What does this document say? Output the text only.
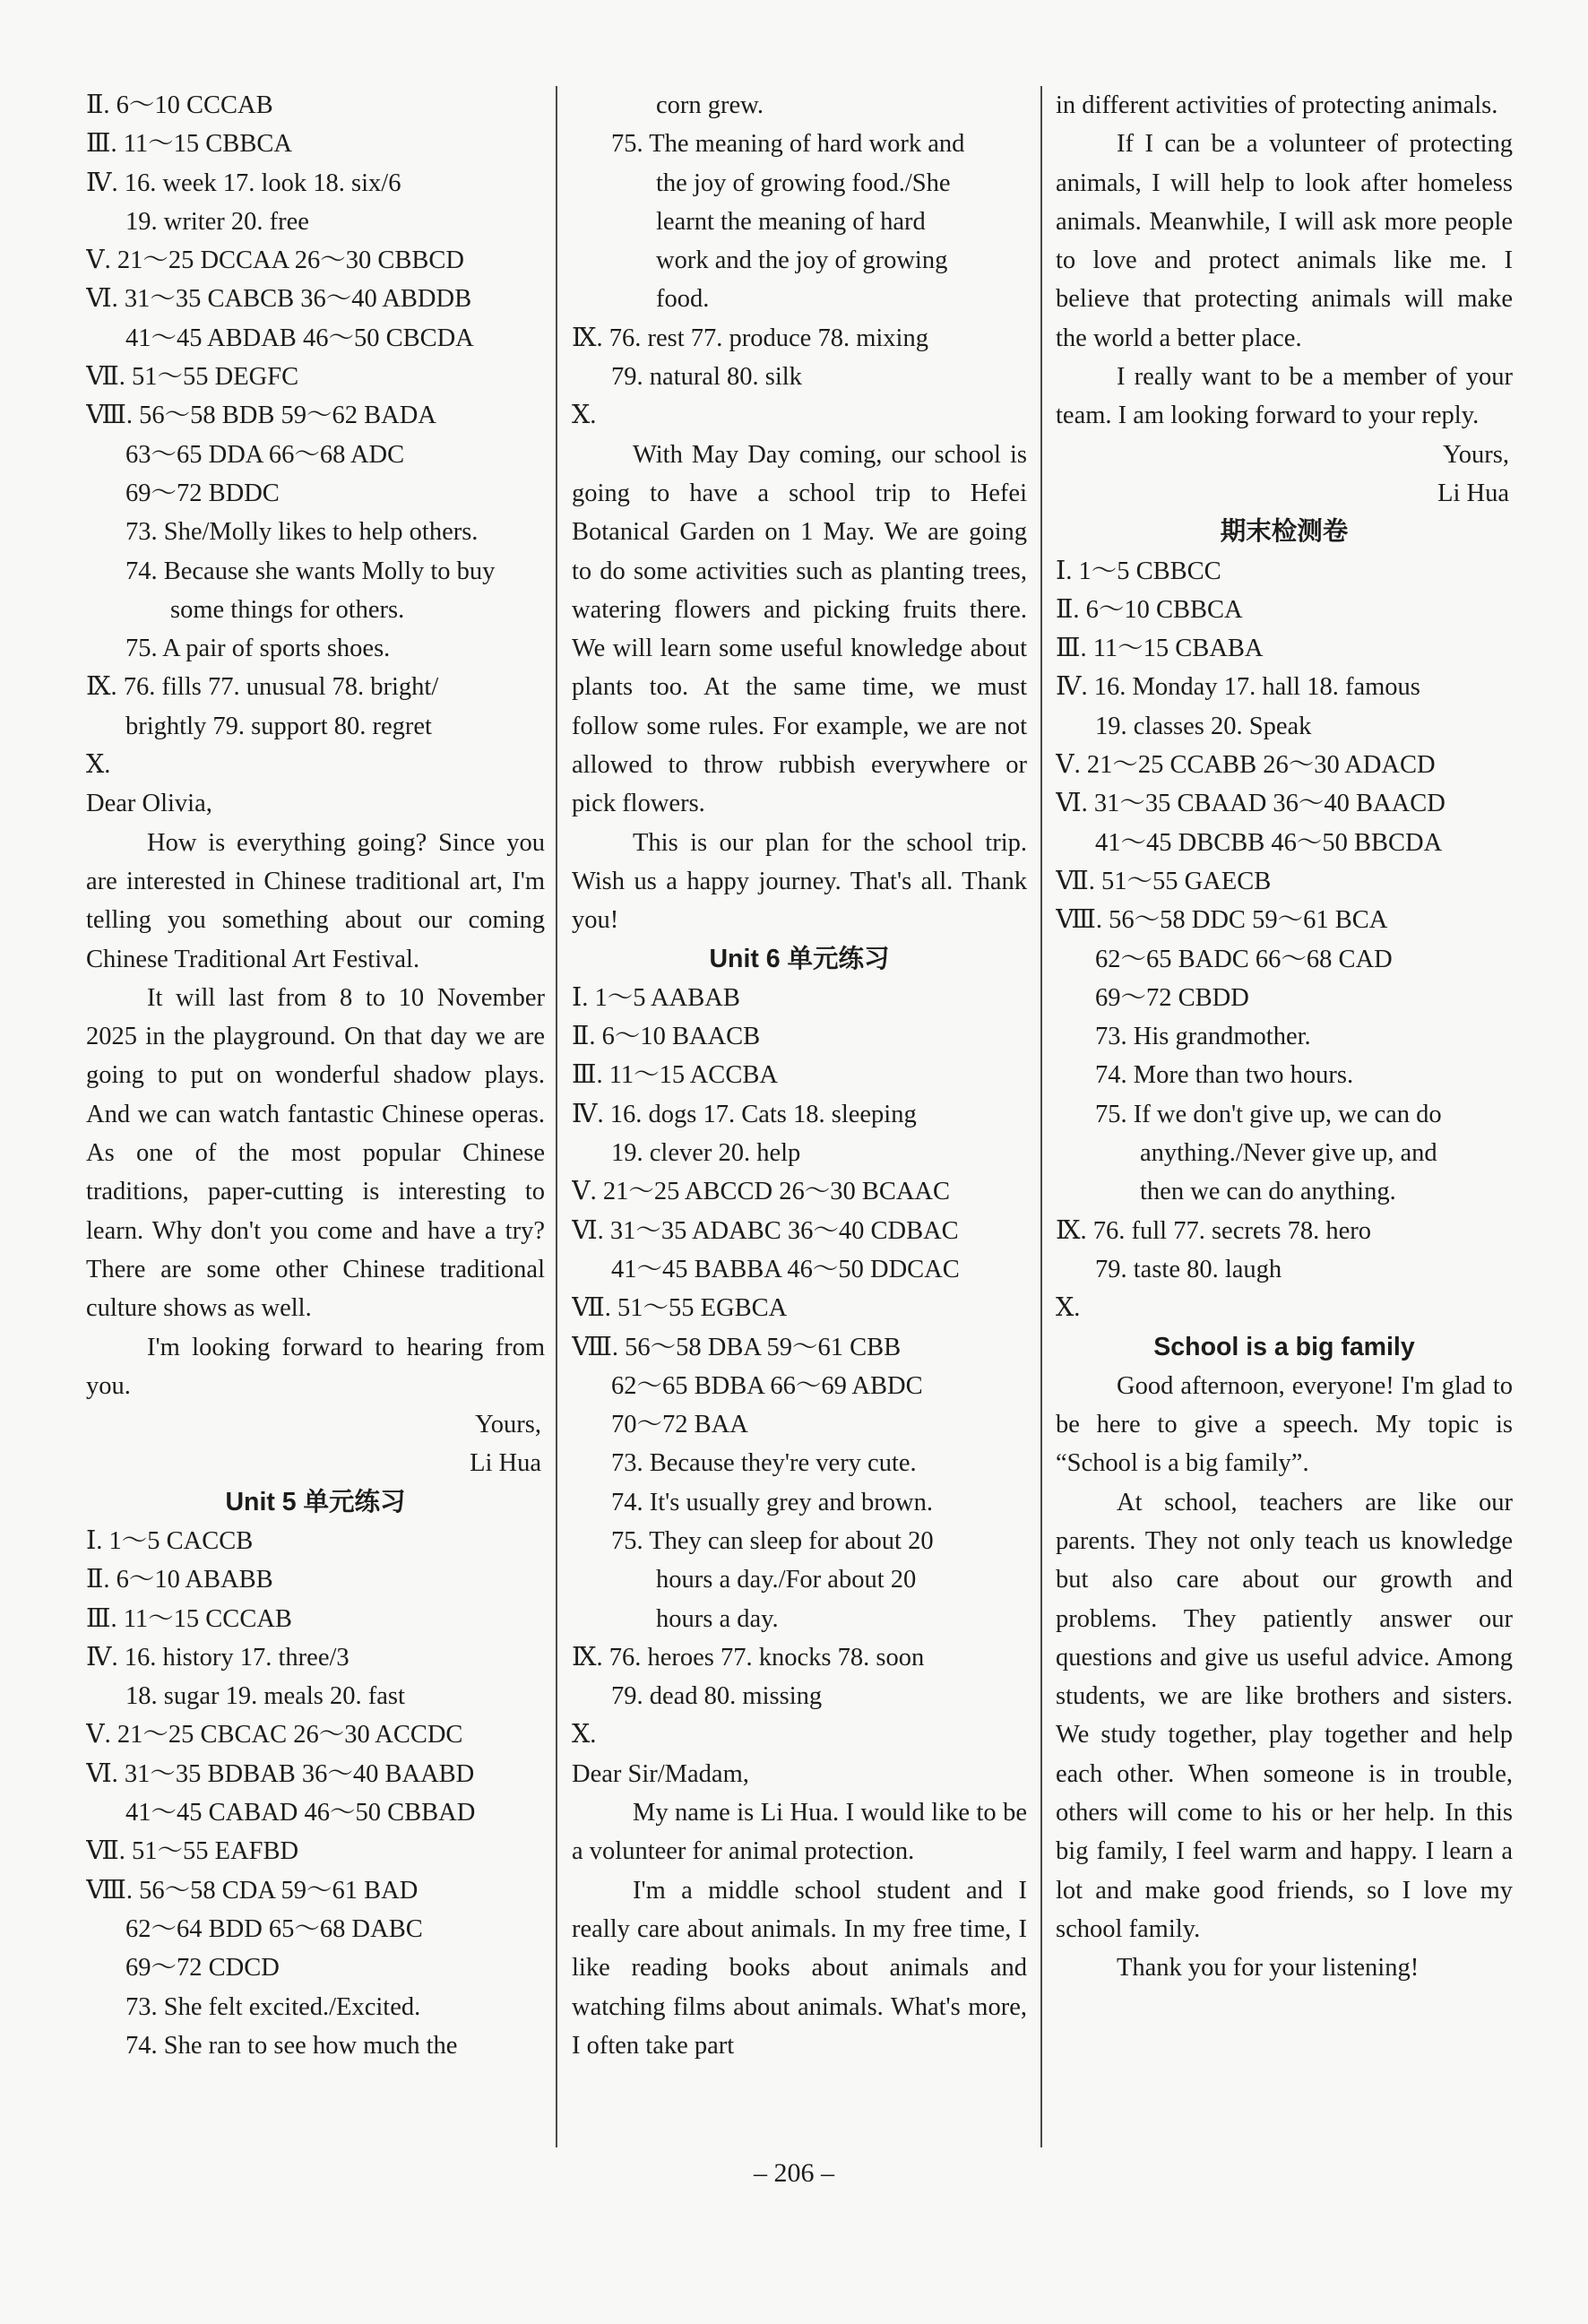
Ⅱ. 6～10 CCCAB
Ⅲ. 11～15 CBBCA
Ⅳ. 16. week 17. look 18. six/6
19. writer 20. free
Ⅴ. 21～25 DCCAA 26～30 CBBCD
Ⅵ. 31～35 CABCB 36～40 ABDDB
41～45 ABDAB 46～50 CBCDA
Ⅶ. 51～55 DEGFC
Ⅷ. 56～58 BDB 59～62 BADA
63～65 DDA 66～68 ADC
69～72 BDDC
73. She/Molly likes to help others.
74. Because she wants Molly to buy
some things for others.
75. A pair of sports shoes.
Ⅸ. 76. fills 77. unusual 78. bright/
brightly 79. support 80. regret
Ⅹ.
Dear Olivia,
How is everything going? Since you are interested in Chinese traditional art, I'm telling you something about our coming Chinese Traditional Art Festival.
It will last from 8 to 10 November 2025 in the playground. On that day we are going to put on wonderful shadow plays. And we can watch fantastic Chinese operas. As one of the most popular Chinese traditions, paper-cutting is interesting to learn. Why don't you come and have a try? There are some other Chinese traditional culture shows as well.
I'm looking forward to hearing from you.
Yours,
Li Hua
Unit 5 单元练习
Ⅰ. 1～5 CACCB
Ⅱ. 6～10 ABABB
Ⅲ. 11～15 CCCAB
Ⅳ. 16. history 17. three/3
18. sugar 19. meals 20. fast
Ⅴ. 21～25 CBCAC 26～30 ACCDC
Ⅵ. 31～35 BDBAB 36～40 BAABD
41～45 CABAD 46～50 CBBAD
Ⅶ. 51～55 EAFBD
Ⅷ. 56～58 CDA 59～61 BAD
62～64 BDD 65～68 DABC
69～72 CDCD
73. She felt excited./Excited.
74. She ran to see how much the
corn grew.
75. The meaning of hard work and
the joy of growing food./She
learnt the meaning of hard
work and the joy of growing
food.
Ⅸ. 76. rest 77. produce 78. mixing
79. natural 80. silk
Ⅹ.
With May Day coming, our school is going to have a school trip to Hefei Botanical Garden on 1 May. We are going to do some activities such as planting trees, watering flowers and picking fruits there. We will learn some useful knowledge about plants too. At the same time, we must follow some rules. For example, we are not allowed to throw rubbish everywhere or pick flowers.
This is our plan for the school trip. Wish us a happy journey. That's all. Thank you!
Unit 6 单元练习
Ⅰ. 1～5 AABAB
Ⅱ. 6～10 BAACB
Ⅲ. 11～15 ACCBA
Ⅳ. 16. dogs 17. Cats 18. sleeping
19. clever 20. help
Ⅴ. 21～25 ABCCD 26～30 BCAAC
Ⅵ. 31～35 ADABC 36～40 CDBAC
41～45 BABBA 46～50 DDCAC
Ⅶ. 51～55 EGBCA
Ⅷ. 56～58 DBA 59～61 CBB
62～65 BDBA 66～69 ABDC
70～72 BAA
73. Because they're very cute.
74. It's usually grey and brown.
75. They can sleep for about 20
hours a day./For about 20
hours a day.
Ⅸ. 76. heroes 77. knocks 78. soon
79. dead 80. missing
Ⅹ.
Dear Sir/Madam,
My name is Li Hua. I would like to be a volunteer for animal protection.
I'm a middle school student and I really care about animals. In my free time, I like reading books about animals and watching films about animals. What's more, I often take part
in different activities of protecting animals.
If I can be a volunteer of protecting animals, I will help to look after homeless animals. Meanwhile, I will ask more people to love and protect animals like me. I believe that protecting animals will make the world a better place.
I really want to be a member of your team. I am looking forward to your reply.
Yours,
Li Hua
期末检测卷
Ⅰ. 1～5 CBBCC
Ⅱ. 6～10 CBBCA
Ⅲ. 11～15 CBABA
Ⅳ. 16. Monday 17. hall 18. famous
19. classes 20. Speak
Ⅴ. 21～25 CCABB 26～30 ADACD
Ⅵ. 31～35 CBAAD 36～40 BAACD
41～45 DBCBB 46～50 BBCDA
Ⅶ. 51～55 GAECB
Ⅷ. 56～58 DDC 59～61 BCA
62～65 BADC 66～68 CAD
69～72 CBDD
73. His grandmother.
74. More than two hours.
75. If we don't give up, we can do
anything./Never give up, and
then we can do anything.
Ⅸ. 76. full 77. secrets 78. hero
79. taste 80. laugh
Ⅹ.
School is a big family
Good afternoon, everyone! I'm glad to be here to give a speech. My topic is “School is a big family”.
At school, teachers are like our parents. They not only teach us knowledge but also care about our growth and problems. They patiently answer our questions and give us useful advice. Among students, we are like brothers and sisters. We study together, play together and help each other. When someone is in trouble, others will come to his or her help. In this big family, I feel warm and happy. I learn a lot and make good friends, so I love my school family.
Thank you for your listening!
– 206 –
